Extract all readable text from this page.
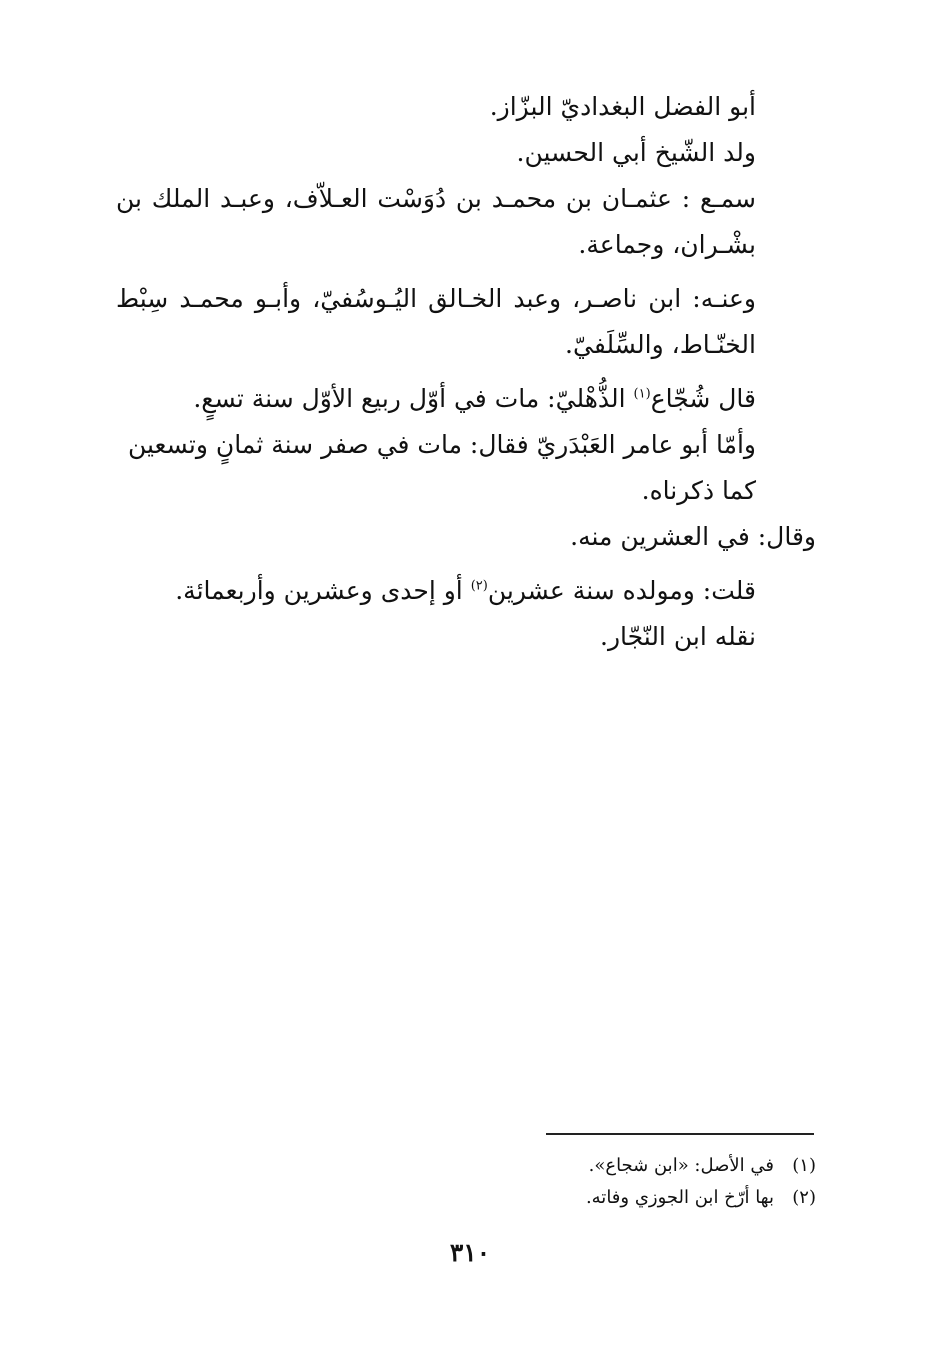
أبو الفضل البغداديّ البزّاز.

ولد الشّيخ أبي الحسين.

سمـع : عثمـان بن محمـد بن دُوَسْت العـلاّف، وعبـد الملك بن بشْـران، وجماعة.

وعنـه: ابن ناصـر، وعبد الخـالق اليُـوسُفيّ، وأبـو محمـد سِبْط الخنّـاط، والسِّلَفيّ.

قال شُجّاع$^{(١)}$ الذُّهْليّ: مات في أوّل ربيع الأوّل سنة تسعٍ.

وأمّا أبو عامر العَبْدَريّ فقال: مات في صفر سنة ثمانٍ وتسعين كما ذكرناه.

وقال: في العشرين منه.

قلت: ومولده سنة عشرين$^{(٢)}$ أو إحدى وعشرين وأربعمائة.

نقله ابن النّجّار.

(١)في الأصل: «ابن شجاع».
(٢)بها أرّخ ابن الجوزي وفاته.
٣١٠
